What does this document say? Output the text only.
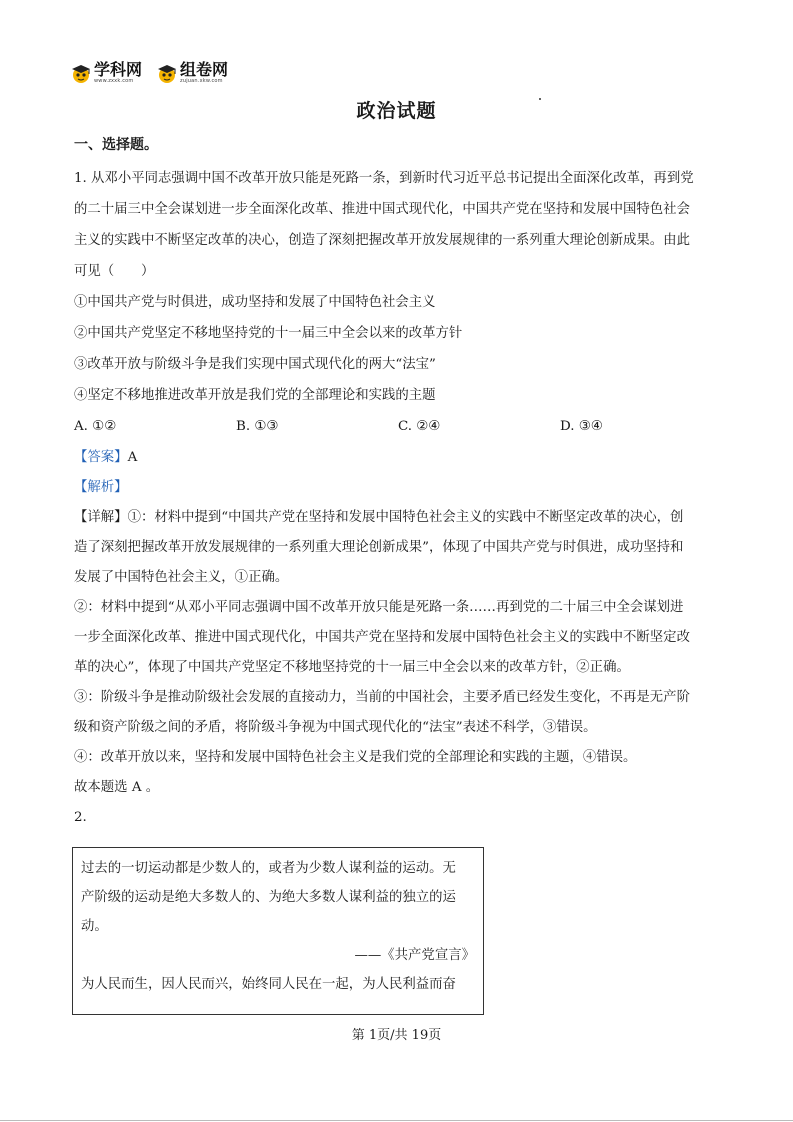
学科网
www.zxxk.com
组卷网
zujuan.xkw.com
政治试题
一、选择题。
1. 从邓小平同志强调中国不改革开放只能是死路一条，到新时代习近平总书记提出全面深化改革，再到党
的二十届三中全会谋划进一步全面深化改革、推进中国式现代化，中国共产党在坚持和发展中国特色社会
主义的实践中不断坚定改革的决心，创造了深刻把握改革开放发展规律的一系列重大理论创新成果。由此
可见（　　）
①中国共产党与时俱进，成功坚持和发展了中国特色社会主义
②中国共产党坚定不移地坚持党的十一届三中全会以来的改革方针
③改革开放与阶级斗争是我们实现中国式现代化的两大“法宝”
④坚定不移地推进改革开放是我们党的全部理论和实践的主题
A. ①②	B. ①③	C. ②④	D. ③④
【答案】A
【解析】
【详解】①：材料中提到“中国共产党在坚持和发展中国特色社会主义的实践中不断坚定改革的决心，创
造了深刻把握改革开放发展规律的一系列重大理论创新成果”，体现了中国共产党与时俱进，成功坚持和
发展了中国特色社会主义，①正确。
②：材料中提到“从邓小平同志强调中国不改革开放只能是死路一条……再到党的二十届三中全会谋划进
一步全面深化改革、推进中国式现代化，中国共产党在坚持和发展中国特色社会主义的实践中不断坚定改
革的决心”，体现了中国共产党坚定不移地坚持党的十一届三中全会以来的改革方针，②正确。
③：阶级斗争是推动阶级社会发展的直接动力，当前的中国社会，主要矛盾已经发生变化，不再是无产阶
级和资产阶级之间的矛盾，将阶级斗争视为中国式现代化的“法宝”表述不科学，③错误。
④：改革开放以来，坚持和发展中国特色社会主义是我们党的全部理论和实践的主题，④错误。
故本题选 A 。
2.
过去的一切运动都是少数人的，或者为少数人谋利益的运动。无
产阶级的运动是绝大多数人的、为绝大多数人谋利益的独立的运
动。
——《共产党宣言》
为人民而生，因人民而兴，始终同人民在一起，为人民利益而奋
第 1页/共 19页
